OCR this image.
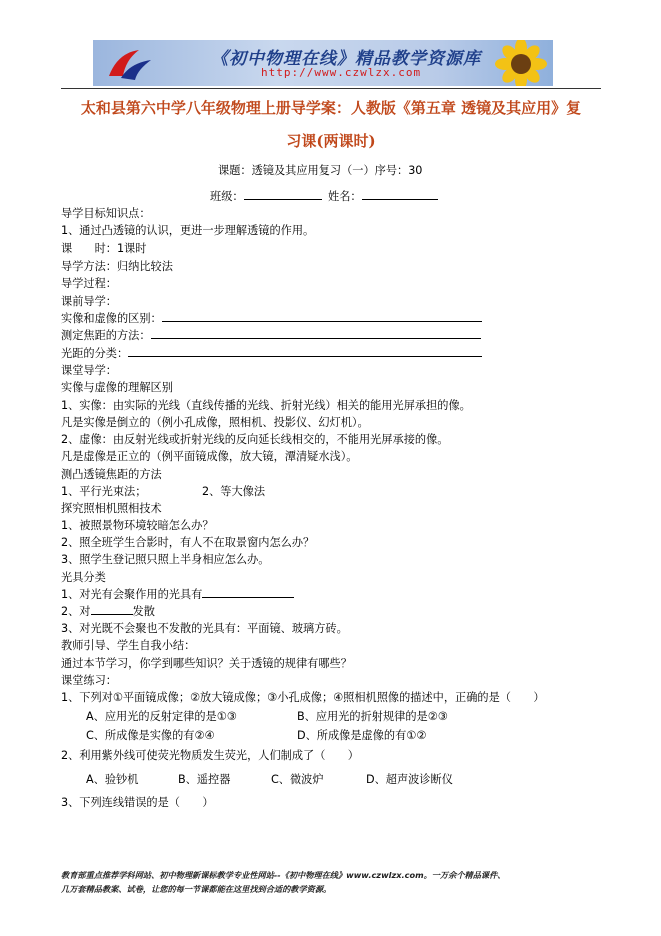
《初中物理在线》精品教学资源库
http://www.czwlzx.com
太和县第六中学八年级物理上册导学案：人教版《第五章 透镜及其应用》复
习课(两课时)
课题：透镜及其应用复习（一）序号：30
班级：	姓名：
导学目标知识点：
1、通过凸透镜的认识，更进一步理解透镜的作用。
课　　时：1课时
导学方法：归纳比较法
导学过程：
课前导学：
实像和虚像的区别：
测定焦距的方法：
光距的分类：
课堂导学：
实像与虚像的理解区别
1、实像：由实际的光线（直线传播的光线、折射光线）相关的能用光屏承担的像。
凡是实像是倒立的（例小孔成像，照相机、投影仪、幻灯机）。
2、虚像：由反射光线或折射光线的反向延长线相交的，不能用光屏承接的像。
凡是虚像是正立的（例平面镜成像，放大镜，潭清疑水浅）。
测凸透镜焦距的方法
1、平行光束法；	2、等大像法
探究照相机照相技术
1、被照景物环境较暗怎么办？
2、照全班学生合影时，有人不在取景窗内怎么办？
3、照学生登记照只照上半身相应怎么办。
光具分类
1、对光有会聚作用的光具有
2、对	发散
3、对光既不会聚也不发散的光具有：平面镜、玻璃方砖。
教师引导、学生自我小结：
通过本节学习，你学到哪些知识？关于透镜的规律有哪些？
课堂练习：
1、下列对①平面镜成像；②放大镜成像；③小孔成像；④照相机照像的描述中，正确的是（　　）
A、应用光的反射定律的是①③	B、应用光的折射规律的是②③
C、所成像是实像的有②④	D、所成像是虚像的有①②
2、利用紫外线可使荧光物质发生荧光，人们制成了（　　）
A、验钞机	B、遥控器	C、微波炉	D、超声波诊断仪
3、下列连线错误的是（　　）
教育部重点推荐学科网站、初中物理新课标教学专业性网站--《初中物理在线》www.czwlzx.com。一万余个精品课件、
几万套精品教案、试卷，让您的每一节课都能在这里找到合适的教学资源。
